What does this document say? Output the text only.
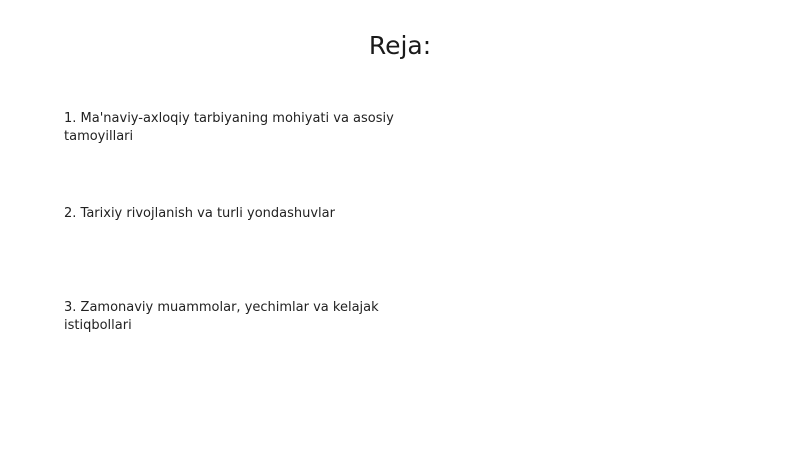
Reja:
1. Ma'naviy-axloqiy tarbiyaning mohiyati va asosiy tamoyillari
2. Tarixiy rivojlanish va turli yondashuvlar
3. Zamonaviy muammolar, yechimlar va kelajak istiqbollari
